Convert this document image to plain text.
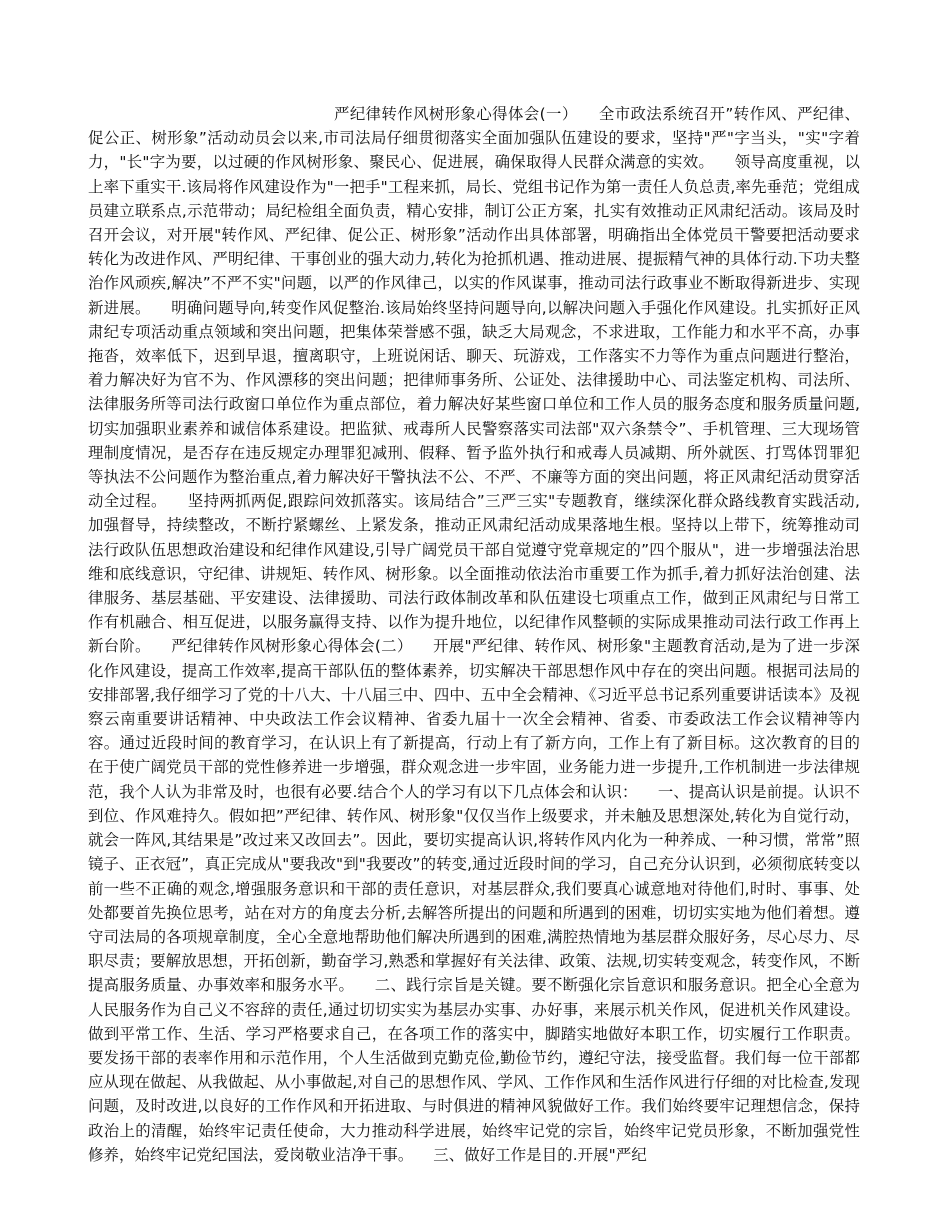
严纪律转作风树形象心得体会(一）    全市政法系统召开”转作风、严纪律、促公正、树形象”活动动员会以来,市司法局仔细贯彻落实全面加强队伍建设的要求，坚持"严"字当头，"实"字着力，"长"字为要，以过硬的作风树形象、聚民心、促进展，确保取得人民群众满意的实效。    领导高度重视，以上率下重实干.该局将作风建设作为"一把手"工程来抓，局长、党组书记作为第一责任人负总责,率先垂范；党组成员建立联系点,示范带动；局纪检组全面负责，精心安排，制订公正方案，扎实有效推动正风肃纪活动。该局及时召开会议，对开展"转作风、严纪律、促公正、树形象”活动作出具体部署，明确指出全体党员干警要把活动要求转化为改进作风、严明纪律、干事创业的强大动力,转化为抢抓机遇、推动进展、提振精气神的具体行动.下功夫整治作风顽疾,解决”不严不实"问题，以严的作风律己，以实的作风谋事，推动司法行政事业不断取得新进步、实现新进展。    明确问题导向,转变作风促整治.该局始终坚持问题导向,以解决问题入手强化作风建设。扎实抓好正风肃纪专项活动重点领域和突出问题，把集体荣誉感不强，缺乏大局观念，不求进取，工作能力和水平不高，办事拖沓，效率低下，迟到早退，擅离职守，上班说闲话、聊天、玩游戏，工作落实不力等作为重点问题进行整治，着力解决好为官不为、作风漂移的突出问题；把律师事务所、公证处、法律援助中心、司法鉴定机构、司法所、法律服务所等司法行政窗口单位作为重点部位，着力解决好某些窗口单位和工作人员的服务态度和服务质量问题,切实加强职业素养和诚信体系建设。把监狱、戒毒所人民警察落实司法部"双六条禁令”、手机管理、三大现场管理制度情况，是否存在违反规定办理罪犯减刑、假释、暂予监外执行和戒毒人员减期、所外就医、打骂体罚罪犯等执法不公问题作为整治重点,着力解决好干警执法不公、不严、不廉等方面的突出问题，将正风肃纪活动贯穿活动全过程。    坚持两抓两促,跟踪问效抓落实。该局结合”三严三实"专题教育，继续深化群众路线教育实践活动,加强督导，持续整改，不断拧紧螺丝、上紧发条，推动正风肃纪活动成果落地生根。坚持以上带下，统筹推动司法行政队伍思想政治建设和纪律作风建设,引导广阔党员干部自觉遵守党章规定的”四个服从"，进一步增强法治思维和底线意识，守纪律、讲规矩、转作风、树形象。以全面推动依法治市重要工作为抓手,着力抓好法治创建、法律服务、基层基础、平安建设、法律援助、司法行政体制改革和队伍建设七项重点工作，做到正风肃纪与日常工作有机融合、相互促进，以服务赢得支持、以作为提升地位，以纪律作风整顿的实际成果推动司法行政工作再上新台阶。    严纪律转作风树形象心得体会(二）    开展"严纪律、转作风、树形象"主题教育活动,是为了进一步深化作风建设，提高工作效率,提高干部队伍的整体素养，切实解决干部思想作风中存在的突出问题。根据司法局的安排部署,我仔细学习了党的十八大、十八届三中、四中、五中全会精神、《习近平总书记系列重要讲话读本》及视察云南重要讲话精神、中央政法工作会议精神、省委九届十一次全会精神、省委、市委政法工作会议精神等内容。通过近段时间的教育学习，在认识上有了新提高，行动上有了新方向，工作上有了新目标。这次教育的目的在于使广阔党员干部的党性修养进一步增强，群众观念进一步牢固，业务能力进一步提升,工作机制进一步法律规范，我个人认为非常及时，也很有必要.结合个人的学习有以下几点体会和认识：    一、提高认识是前提。认识不到位、作风难持久。假如把”严纪律、转作风、树形象"仅仅当作上级要求，并未触及思想深处,转化为自觉行动，就会一阵风,其结果是”改过来又改回去”。因此，要切实提高认识,将转作风内化为一种养成、一种习惯，常常”照镜子、正衣冠”，真正完成从"要我改"到"我要改”的转变,通过近段时间的学习，自己充分认识到，必须彻底转变以前一些不正确的观念,增强服务意识和干部的责任意识，对基层群众,我们要真心诚意地对待他们,时时、事事、处处都要首先换位思考，站在对方的角度去分析,去解答所提出的问题和所遇到的困难，切切实实地为他们着想。遵守司法局的各项规章制度，全心全意地帮助他们解决所遇到的困难,满腔热情地为基层群众服好务，尽心尽力、尽职尽责；要解放思想，开拓创新，勤奋学习,熟悉和掌握好有关法律、政策、法规,切实转变观念，转变作风，不断提高服务质量、办事效率和服务水平。    二、践行宗旨是关键。要不断强化宗旨意识和服务意识。把全心全意为人民服务作为自己义不容辞的责任,通过切切实实为基层办实事、办好事，来展示机关作风，促进机关作风建设。做到平常工作、生活、学习严格要求自己，在各项工作的落实中，脚踏实地做好本职工作，切实履行工作职责。要发扬干部的表率作用和示范作用，个人生活做到克勤克俭,勤俭节约，遵纪守法，接受监督。我们每一位干部都应从现在做起、从我做起、从小事做起,对自己的思想作风、学风、工作作风和生活作风进行仔细的对比检查,发现问题，及时改进,以良好的工作作风和开拓进取、与时俱进的精神风貌做好工作。我们始终要牢记理想信念，保持政治上的清醒，始终牢记责任使命，大力推动科学进展，始终牢记党的宗旨，始终牢记党员形象，不断加强党性修养，始终牢记党纪国法，爱岗敬业洁净干事。    三、做好工作是目的.开展"严纪
